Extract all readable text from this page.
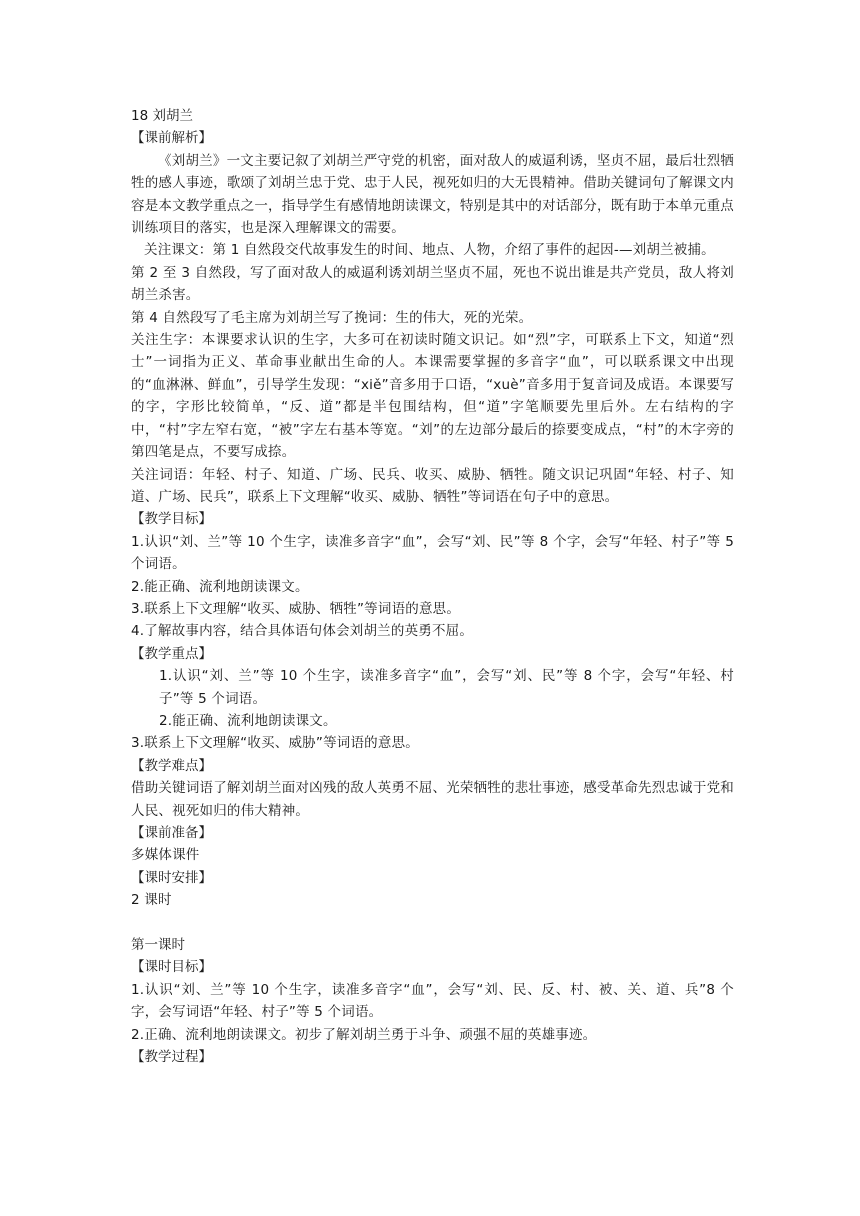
18 刘胡兰
【课前解析】
《刘胡兰》一文主要记叙了刘胡兰严守党的机密，面对敌人的威逼利诱，坚贞不屈，最后壮烈牺牲的感人事迹，歌颂了刘胡兰忠于党、忠于人民，视死如归的大无畏精神。借助关键词句了解课文内容是本文教学重点之一，指导学生有感情地朗读课文，特别是其中的对话部分，既有助于本单元重点训练项目的落实，也是深入理解课文的需要。
关注课文：第 1 自然段交代故事发生的时间、地点、人物，介绍了事件的起因-—刘胡兰被捕。
第 2 至 3 自然段，写了面对敌人的威逼利诱刘胡兰坚贞不屈，死也不说出谁是共产党员，敌人将刘胡兰杀害。
第 4 自然段写了毛主席为刘胡兰写了挽词：生的伟大，死的光荣。
关注生字：本课要求认识的生字，大多可在初读时随文识记。如“烈”字，可联系上下文，知道“烈士”一词指为正义、革命事业献出生命的人。本课需要掌握的多音字“血”，可以联系课文中出现的“血淋淋、鲜血”，引导学生发现：“xiě”音多用于口语，“xuè”音多用于复音词及成语。本课要写的字，字形比较简单，“反、道”都是半包围结构，但“道”字笔顺要先里后外。左右结构的字中，“村”字左窄右宽，“被”字左右基本等宽。“刘”的左边部分最后的捺要变成点，“村”的木字旁的第四笔是点，不要写成捺。
关注词语：年轻、村子、知道、广场、民兵、收买、威胁、牺牲。随文识记巩固“年轻、村子、知道、广场、民兵”，联系上下文理解“收买、威胁、牺牲”等词语在句子中的意思。
【教学目标】
1.认识“刘、兰”等 10 个生字，读准多音字“血”，会写“刘、民”等 8 个字，会写“年轻、村子”等 5 个词语。
2.能正确、流利地朗读课文。
3.联系上下文理解“收买、威胁、牺牲”等词语的意思。
4.了解故事内容，结合具体语句体会刘胡兰的英勇不屈。
【教学重点】
1.认识“刘、兰”等 10 个生字，读准多音字“血”，会写“刘、民”等 8 个字，会写“年轻、村子”等 5 个词语。
2.能正确、流利地朗读课文。
3.联系上下文理解“收买、威胁”等词语的意思。
【教学难点】
借助关键词语了解刘胡兰面对凶残的敌人英勇不屈、光荣牺牲的悲壮事迹，感受革命先烈忠诚于党和人民、视死如归的伟大精神。
【课前准备】
多媒体课件
【课时安排】
2 课时
第一课时
【课时目标】
1.认识“刘、兰”等 10 个生字，读准多音字“血”，会写“刘、民、反、村、被、关、道、兵”8 个字，会写词语“年轻、村子”等 5 个词语。
2.正确、流利地朗读课文。初步了解刘胡兰勇于斗争、顽强不屈的英雄事迹。
【教学过程】
